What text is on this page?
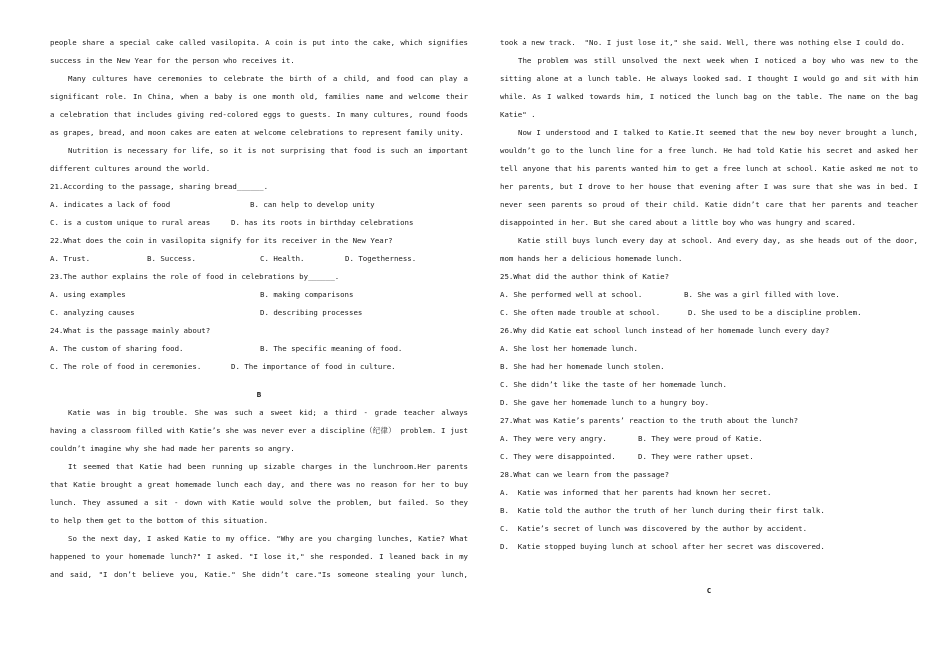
people share a special cake called vasilopita. A coin is put into the cake, which signifies
success in the New Year for the person who receives it.
Many cultures have ceremonies to celebrate the birth of a child, and food can play a
significant role. In China, when a baby is one month old, families name and welcome their
a celebration that includes giving red-colored eggs to guests. In many cultures, round foods
as grapes, bread, and moon cakes are eaten at welcome celebrations to represent family unity.
Nutrition is necessary for life, so it is not surprising that food is such an important
different cultures around the world.
21.According to the passage, sharing bread______.
A. indicates a lack of food	B. can help to develop unity
C. is a custom unique to rural areas	D. has its roots in birthday celebrations
22.What does the coin in vasilopita signify for its receiver in the New Year?
A. Trust.	B. Success.	C. Health.	D. Togetherness.
23.The author explains the role of food in celebrations by______.
A. using examples	B. making comparisons
C. analyzing causes	D. describing processes
24.What is the passage mainly about?
A. The custom of sharing food.	B. The specific meaning of food.
C. The role of food in ceremonies.	D. The importance of food in culture.
B
Katie was in big trouble. She was such a sweet kid; a third - grade teacher always
having a classroom filled with Katie’s she was never ever a discipline（纪律） problem. I just
couldn’t imagine why she had made her parents so angry.
It seemed that Katie had been running up sizable charges in the lunchroom.Her parents
that Katie brought a great homemade lunch each day, and there was no reason for her to buy
lunch. They assumed a sit - down with Katie would solve the problem, but failed. So they
to help them get to the bottom of this situation.
So the next day, I asked Katie to my office. "Why are you charging lunches, Katie? What
happened to your homemade lunch?" I asked. "I lose it," she responded. I leaned back in my
and said, "I don’t believe you, Katie." She didn’t care."Is someone stealing your lunch,
took a new track.  "No. I just lose it," she said. Well, there was nothing else I could do.
The problem was still unsolved the next week when I noticed a boy who was new to the
sitting alone at a lunch table. He always looked sad. I thought I would go and sit with him
while. As I walked towards him, I noticed the lunch bag on the table. The name on the bag
Katie" .
Now I understood and I talked to Katie.It seemed that the new boy never brought a lunch,
wouldn’t go to the lunch line for a free lunch. He had told Katie his secret and asked her
tell anyone that his parents wanted him to get a free lunch at school. Katie asked me not to
her parents, but I drove to her house that evening after I was sure that she was in bed. I
never seen parents so proud of their child. Katie didn’t care that her parents and teacher
disappointed in her. But she cared about a little boy who was hungry and scared.
Katie still buys lunch every day at school. And every day, as she heads out of the door,
mom hands her a delicious homemade lunch.
25.What did the author think of Katie?
A. She performed well at school.	B. She was a girl filled with love.
C. She often made trouble at school.	D. She used to be a discipline problem.
26.Why did Katie eat school lunch instead of her homemade lunch every day?
A. She lost her homemade lunch.
B. She had her homemade lunch stolen.
C. She didn’t like the taste of her homemade lunch.
D. She gave her homemade lunch to a hungry boy.
27.What was Katie’s parents’ reaction to the truth about the lunch?
A. They were very angry.	B. They were proud of Katie.
C. They were disappointed.	D. They were rather upset.
28.What can we learn from the passage?
A.  Katie was informed that her parents had known her secret.
B.  Katie told the author the truth of her lunch during their first talk.
C.  Katie’s secret of lunch was discovered by the author by accident.
D.  Katie stopped buying lunch at school after her secret was discovered.
C
